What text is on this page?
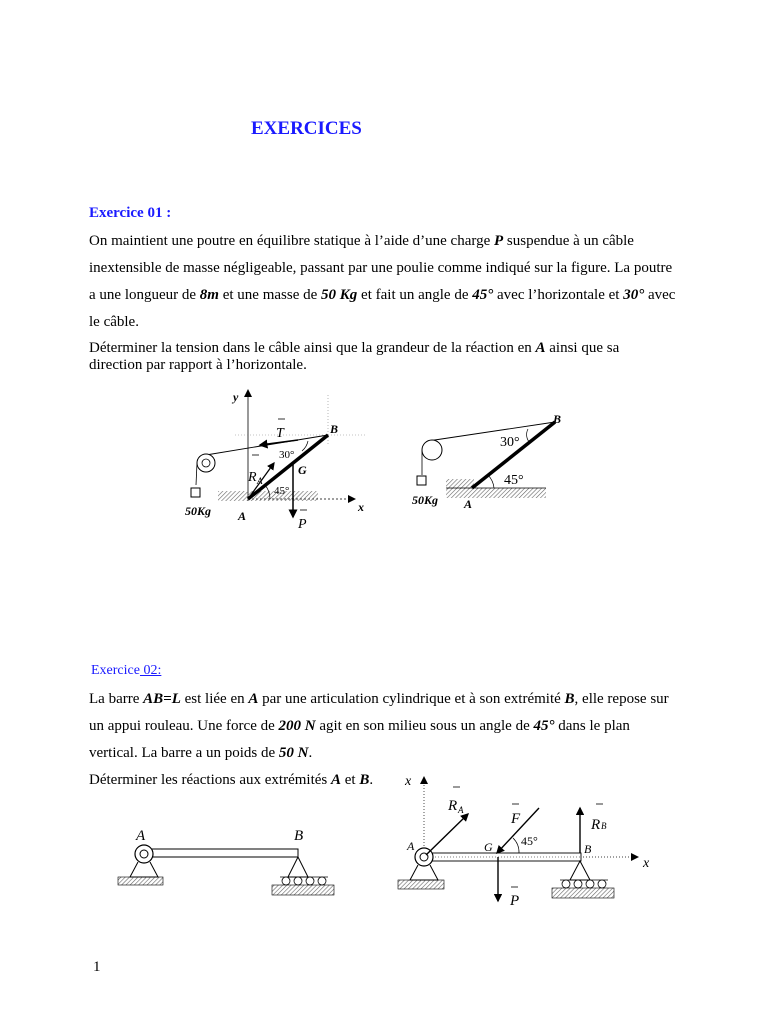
EXERCICES
Exercice 01 :

On maintient une poutre en équilibre statique à l’aide d’une charge P suspendue à un câble inextensible de masse négligeable, passant par une poulie comme indiqué sur la figure. La poutre a une longueur de 8m et une masse de 50 Kg et fait un angle de 45° avec l’horizontale et 30° avec le câble.

Déterminer la tension dans le câble ainsi que la grandeur de la réaction en A ainsi que sa direction par rapport à l’horizontale.

y
x
T	B
30°
R A
G
45°
P
A
50Kg
B
30°
45°
50Kg A
Exercice 02:

La barre AB=L est liée en A par une articulation cylindrique et à son extrémité B, elle repose sur un appui rouleau. Une force de 200 N agit en son milieu sous un angle de 45° dans le plan vertical. La barre a un poids de 50 N.

Déterminer les réactions aux extrémités A et B.

A	B
x
x
R A
F
45°
R B
A	G	B
P
1
